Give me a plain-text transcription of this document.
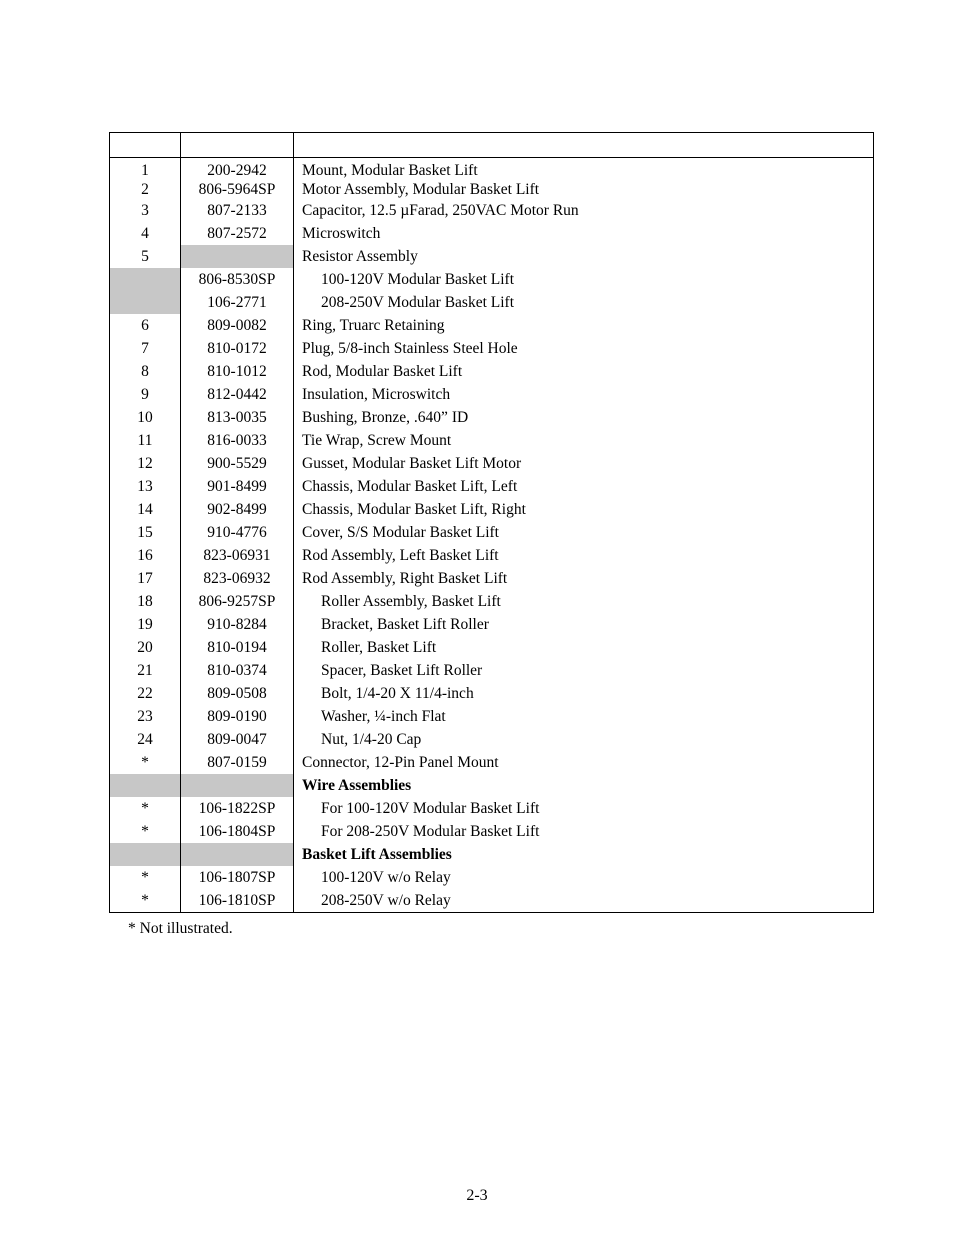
1	200-2942	Mount, Modular Basket Lift
2	806-5964SP	Motor Assembly, Modular Basket Lift
3	807-2133	Capacitor, 12.5 µFarad, 250VAC Motor Run
4	807-2572	Microswitch
5		Resistor Assembly
	806-8530SP	100-120V Modular Basket Lift
	106-2771	208-250V Modular Basket Lift
6	809-0082	Ring, Truarc Retaining
7	810-0172	Plug, 5/8-inch Stainless Steel Hole
8	810-1012	Rod, Modular Basket Lift
9	812-0442	Insulation, Microswitch
10	813-0035	Bushing, Bronze, .640” ID
11	816-0033	Tie Wrap, Screw Mount
12	900-5529	Gusset, Modular Basket Lift Motor
13	901-8499	Chassis, Modular Basket Lift, Left
14	902-8499	Chassis, Modular Basket Lift, Right
15	910-4776	Cover, S/S Modular Basket Lift
16	823-06931	Rod Assembly, Left Basket Lift
17	823-06932	Rod Assembly, Right Basket Lift
18	806-9257SP	Roller Assembly, Basket Lift
19	910-8284	Bracket, Basket Lift Roller
20	810-0194	Roller, Basket Lift
21	810-0374	Spacer, Basket Lift Roller
22	809-0508	Bolt, 1/4-20 X 11/4-inch
23	809-0190	Washer, ¼-inch Flat
24	809-0047	Nut, 1/4-20 Cap
*	807-0159	Connector, 12-Pin Panel Mount
		Wire Assemblies
*	106-1822SP	For 100-120V Modular Basket Lift
*	106-1804SP	For 208-250V Modular Basket Lift
		Basket Lift Assemblies
*	106-1807SP	100-120V w/o Relay
*	106-1810SP	208-250V w/o Relay
* Not illustrated.
2-3
